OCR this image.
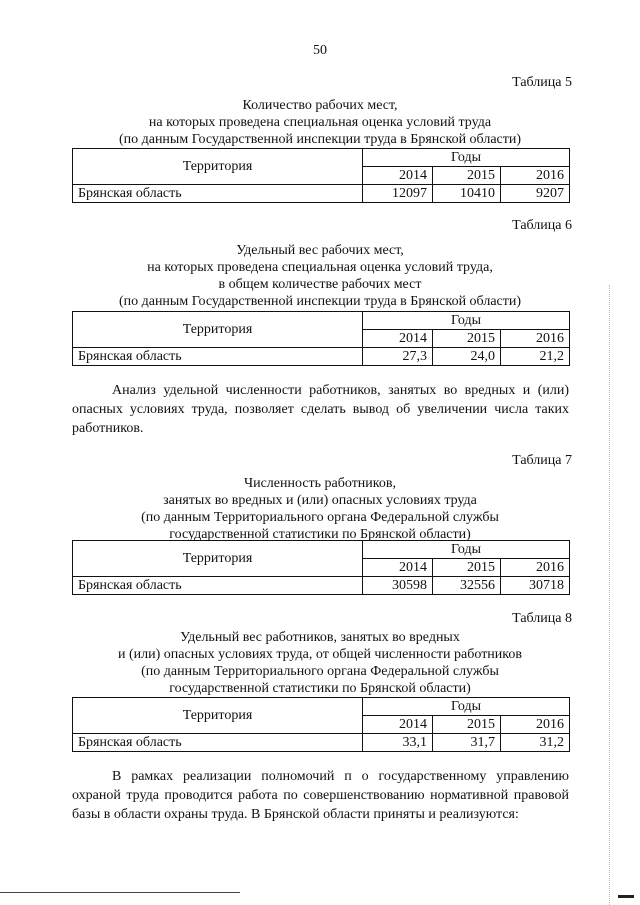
50
Таблица 5
Количество рабочих мест,
на которых проведена специальная оценка условий труда
(по данным Государственной инспекции труда в Брянской области)
Территория	Годы		
	2014	2015	2016
Брянская область	12097	10410	9207
Таблица 6
Удельный вес рабочих мест,
на которых проведена специальная оценка условий труда,
в общем количестве рабочих мест
(по данным Государственной инспекции труда в Брянской области)
Территория	Годы		
	2014	2015	2016
Брянская область	27,3	24,0	21,2

Анализ удельной численности работников, занятых во вредных и (или) опасных условиях труда, позволяет сделать вывод об увеличении числа таких работников.

Таблица 7
Численность работников,
занятых во вредных и (или) опасных условиях труда
(по данным Территориального органа Федеральной службы
государственной статистики по Брянской области)
Территория	Годы		
	2014	2015	2016
Брянская область	30598	32556	30718
Таблица 8
Удельный вес работников, занятых во вредных
и (или) опасных условиях труда, от общей численности работников
(по данным Территориального органа Федеральной службы
государственной статистики по Брянской области)
Территория	Годы		
	2014	2015	2016
Брянская область	33,1	31,7	31,2

В рамках реализации полномочий п о государственному управлению охраной труда проводится работа по совершенствованию нормативной правовой базы в области охраны труда. В Брянской области приняты и реализуются:
